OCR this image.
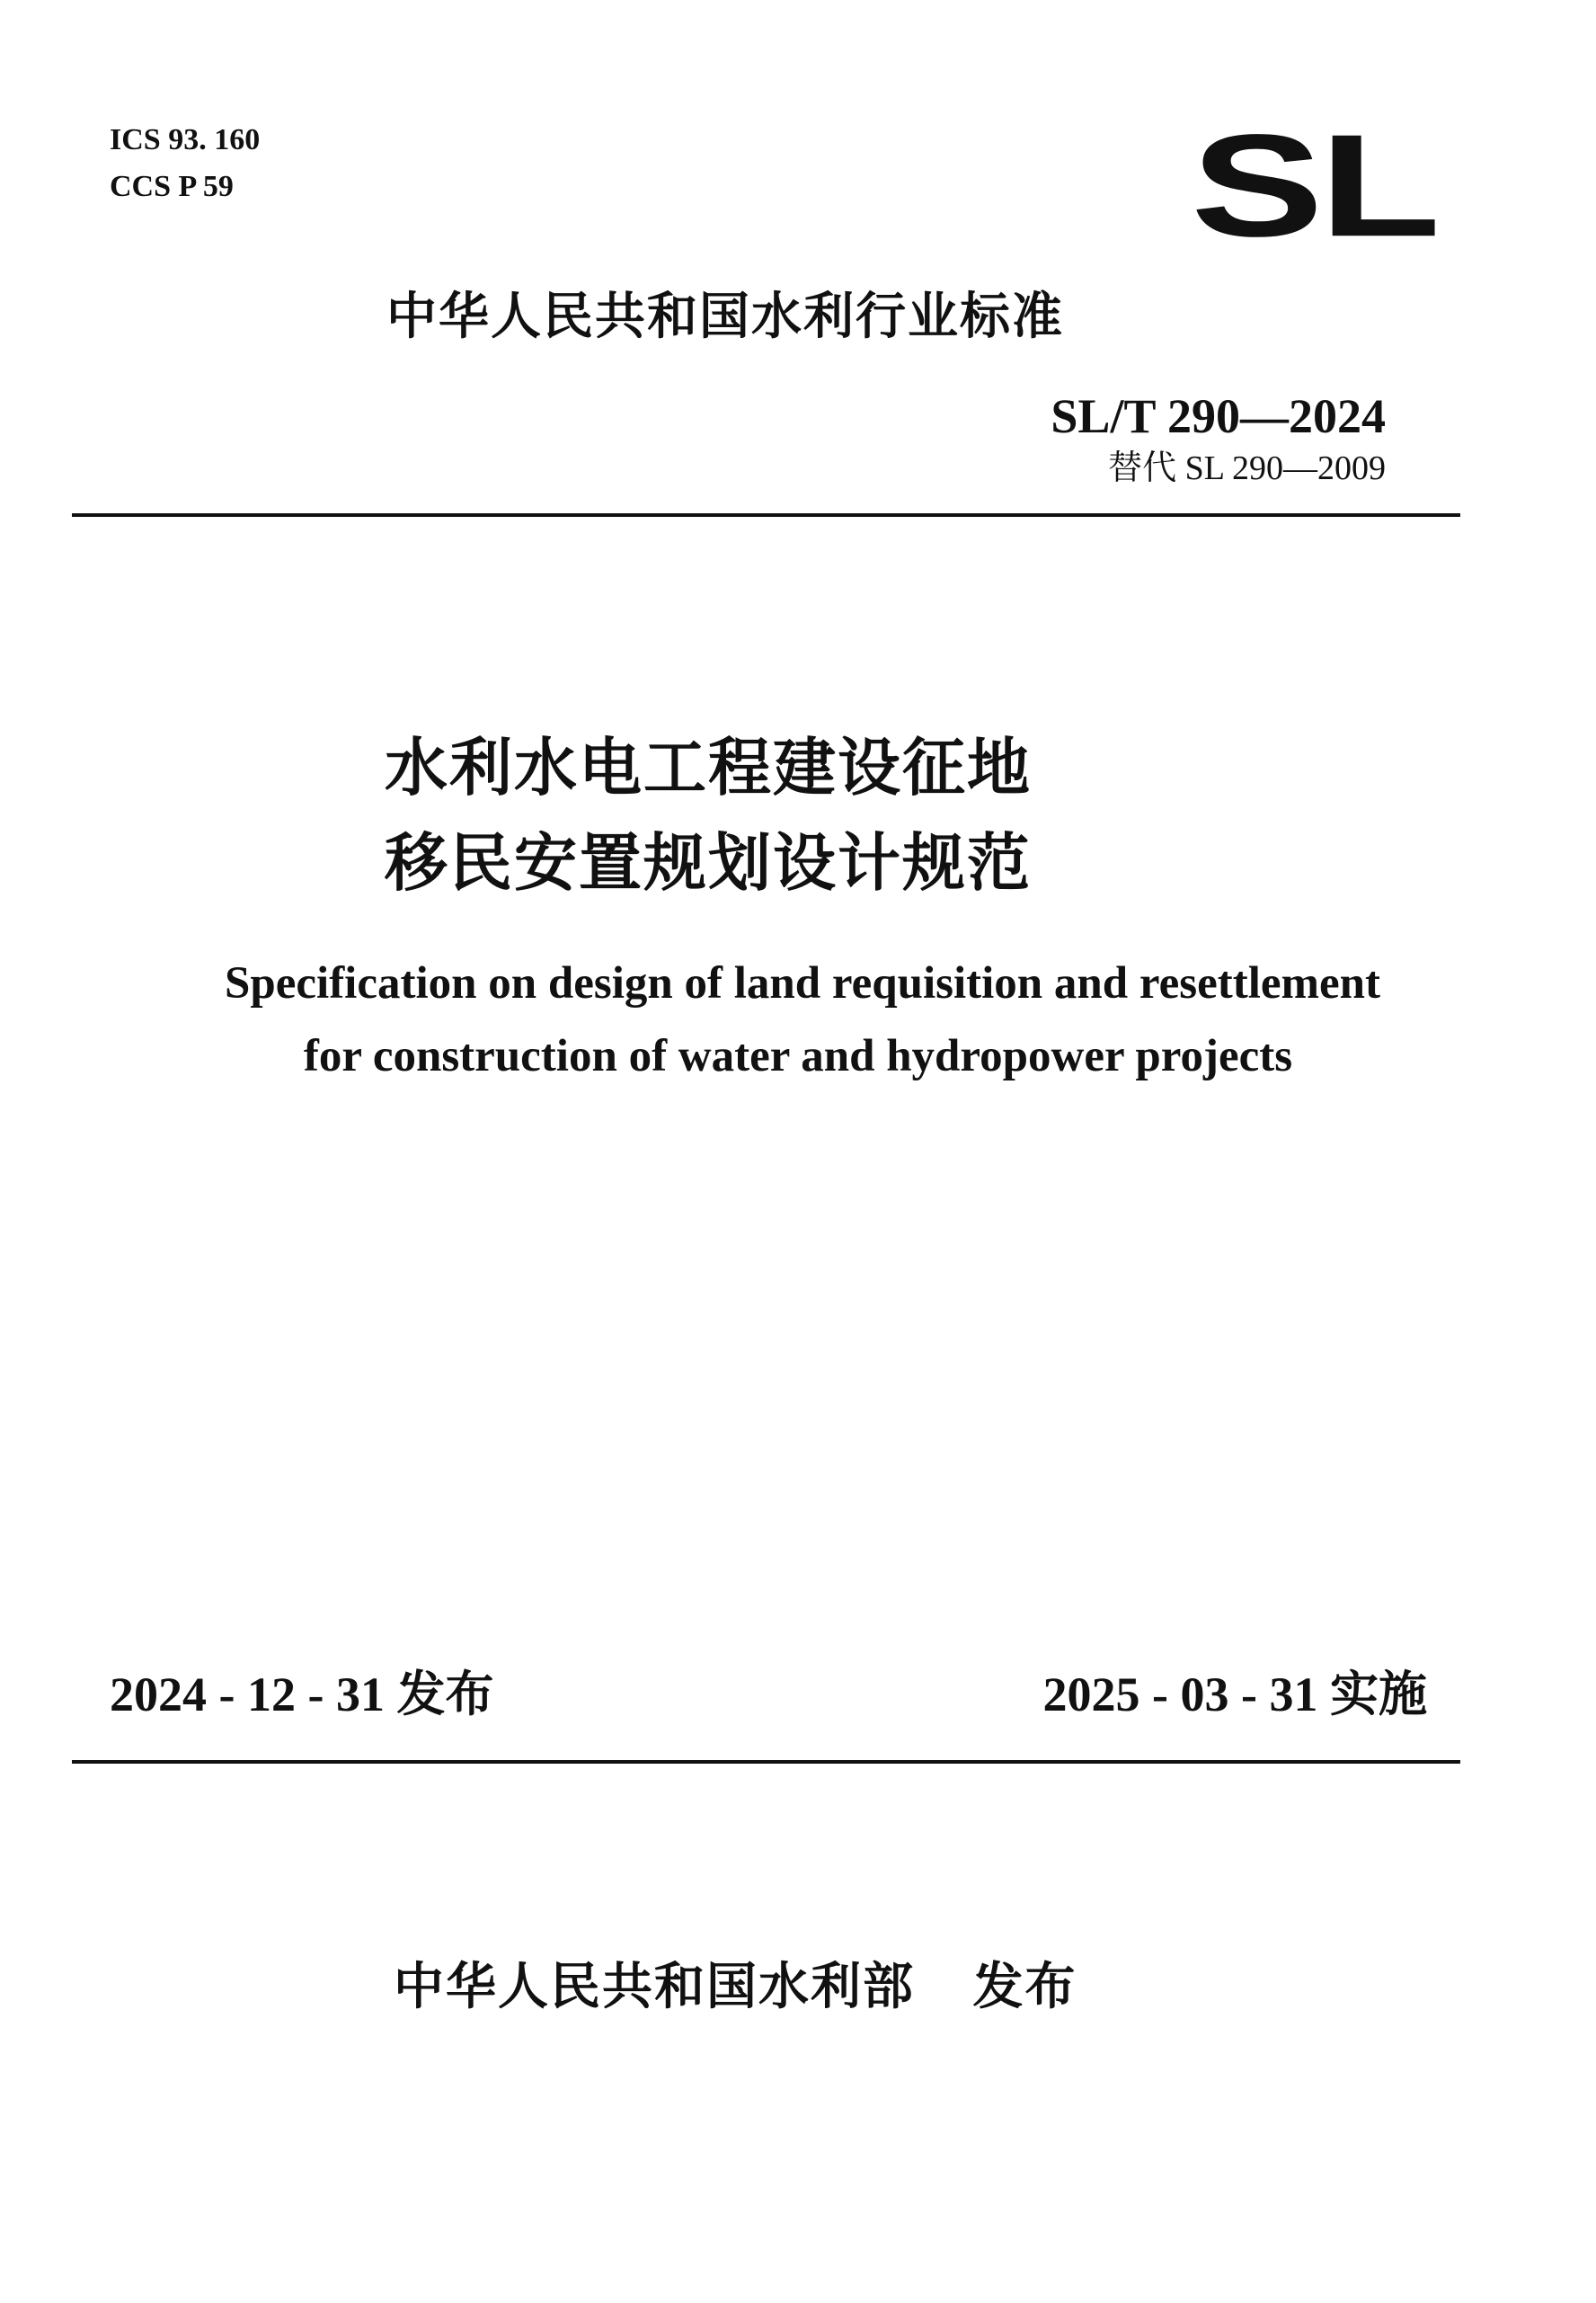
ICS 93. 160
CCS P 59	SL
中华人民共和国水利行业标准
SL/T 290—2024
替代 SL 290—2009
水利水电工程建设征地
移民安置规划设计规范
Specification on design of land requisition and resettlement
for construction of water and hydropower projects
2024 - 12 - 31 发布	2025 - 03 - 31 实施
中华人民共和国水利部   发布
